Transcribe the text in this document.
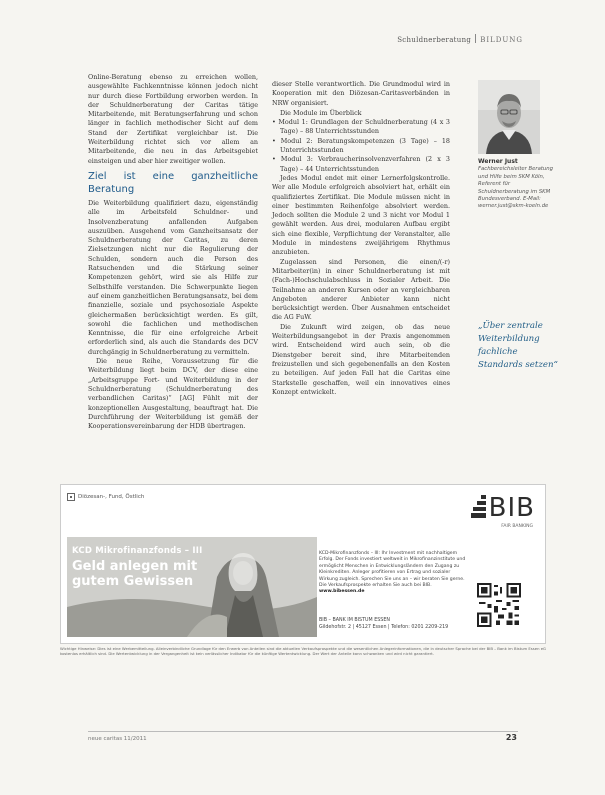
Schuldnerberatung BILDUNG

Online-Beratung ebenso zu erreichen wollen, ausgewählte Fachkenntnisse können jedoch nicht nur durch diese Fortbildung erworben werden. In der Schuldnerberatung der Caritas tätige Mitarbeitende, mit Beratungserfahrung und schon länger in fachlich methodischer Sicht auf dem Stand der Zertifikat vergleichbar ist. Die Weiterbildung richtet sich vor allem an Mitarbeitende, die neu in das Arbeitsgebiet einsteigen und aber hier zweitiger wollen.

Ziel ist eine ganzheitliche Beratung

Die Weiterbildung qualifiziert dazu, eigenständig alle im Arbeitsfeld Schuldner- und Insolvenzberatung anfallenden Aufgaben auszuüben. Ausgehend vom Ganzheitsansatz der Schuldnerberatung der Caritas, zu deren Zielsetzungen nicht nur die Regulierung der Schulden, sondern auch die Person des Ratsuchenden und die Stärkung seiner Kompetenzen gehört, wird sie als Hilfe zur Selbsthilfe verstanden. Die Schwerpunkte liegen auf einem ganzheitlichen Beratungsansatz, bei dem finanzielle, soziale und psychosoziale Aspekte gleichermaßen berücksichtigt werden. Es gilt, sowohl die fachlichen und methodischen Kenntnisse, die für eine erfolgreiche Arbeit erforderlich sind, als auch die Standards des DCV durchgängig in Schuldnerberatung zu vermitteln.

Die neue Reihe, Voraussetzung für die Weiterbildung liegt beim DCV, der diese eine „Arbeitsgruppe Fort- und Weiterbildung in der Schuldnerberatung (Schuldnerberatung des verbandlichen Caritas)“ [AG] Fühlt mit der konzeptionellen Ausgestaltung, beauftragt hat. Die Durchführung der Weiterbildung ist gemäß der Kooperationsvereinbarung der HDB übertragen.

dieser Stelle verantwortlich. Die Grundmodul wird in Kooperation mit den Diözesan-Caritasverbänden in NRW organisiert.

Die Module im Überblick

• Modul 1: Grundlagen der Schuldnerberatung (4 x 3 Tage) – 88 Unterrichtsstunden

• Modul 2: Beratungskompetenzen (3 Tage) – 18 Unterrichtsstunden

• Modul 3: Verbraucherinsolvenzverfahren (2 x 3 Tage) – 44 Unterrichtsstunden

Jedes Modul endet mit einer Lernerfolgskontrolle. Wer alle Module erfolgreich absolviert hat, erhält ein qualifiziertes Zertifikat. Die Module müssen nicht in einer bestimmten Reihenfolge absolviert werden. Jedoch sollten die Module 2 und 3 nicht vor Modul 1 gewählt werden. Aus drei, modularen Aufbau ergibt sich eine flexible, Verpflichtung der Veranstalter, alle Module in mindestens zweijährigem Rhythmus anzubieten.

Zugelassen sind Personen, die einen/(-r) Mitarbeiter(in) in einer Schuldnerberatung ist mit (Fach-)Hochschulabschluss in Sozialer Arbeit. Die Teilnahme an anderen Kursen oder an vergleichbaren Angeboten anderer Anbieter kann nicht berücksichtigt werden. Über Ausnahmen entscheidet die AG FuW.

Die Zukunft wird zeigen, ob das neue Weiterbildungsangebot in der Praxis angenommen wird. Entscheidend wird auch sein, ob die Dienstgeber bereit sind, ihre Mitarbeitenden freizustellen und sich gegebenenfalls an den Kosten zu beteiligen. Auf jeden Fall hat die Caritas eine Starkstelle geschaffen, weil ein innovatives eines Konzept entwickelt.

Werner Just
Fachbereichsleiter Beratung und Hilfe beim SKM Köln, Referent für Schuldnerberatung im SKM Bundesverband. E-Mail: werner.just@skm-koeln.de
„Über zentrale Weiterbildung fachliche Standards setzen“
Diözesan-, Fund, Östlich	BIB
FAIR BANKING
KCD Mikrofinanzfonds – III
Geld anlegen mit
gutem Gewissen
KCD-Mikrofinanzfonds – III: Ihr Investment mit nachhaltigem Erfolg. Der Fonds investiert weltweit in Mikrofinanzinstitute und ermöglicht Menschen in Entwicklungsländern den Zugang zu Kleinkrediten. Anleger profitieren von Ertrag und sozialer Wirkung zugleich. Sprechen Sie uns an – wir beraten Sie gerne. Die Verkaufsprospekte erhalten Sie auch bei BIB.
www.bibessen.de
BIB – BANK IM BISTUM ESSEN
Gildehofstr. 2 | 45127 Essen | Telefon: 0201 2209-219
Wichtige Hinweise: Dies ist eine Werbemitteilung. Alleinverbindliche Grundlage für den Erwerb von Anteilen sind die aktuellen Verkaufsprospekte und die wesentlichen Anlegerinformationen, die in deutscher Sprache bei der BIB – Bank im Bistum Essen eG kostenlos erhältlich sind. Die Wertentwicklung in der Vergangenheit ist kein verlässlicher Indikator für die künftige Wertentwicklung. Der Wert der Anteile kann schwanken und wird nicht garantiert.
neue caritas 11/2011	23
